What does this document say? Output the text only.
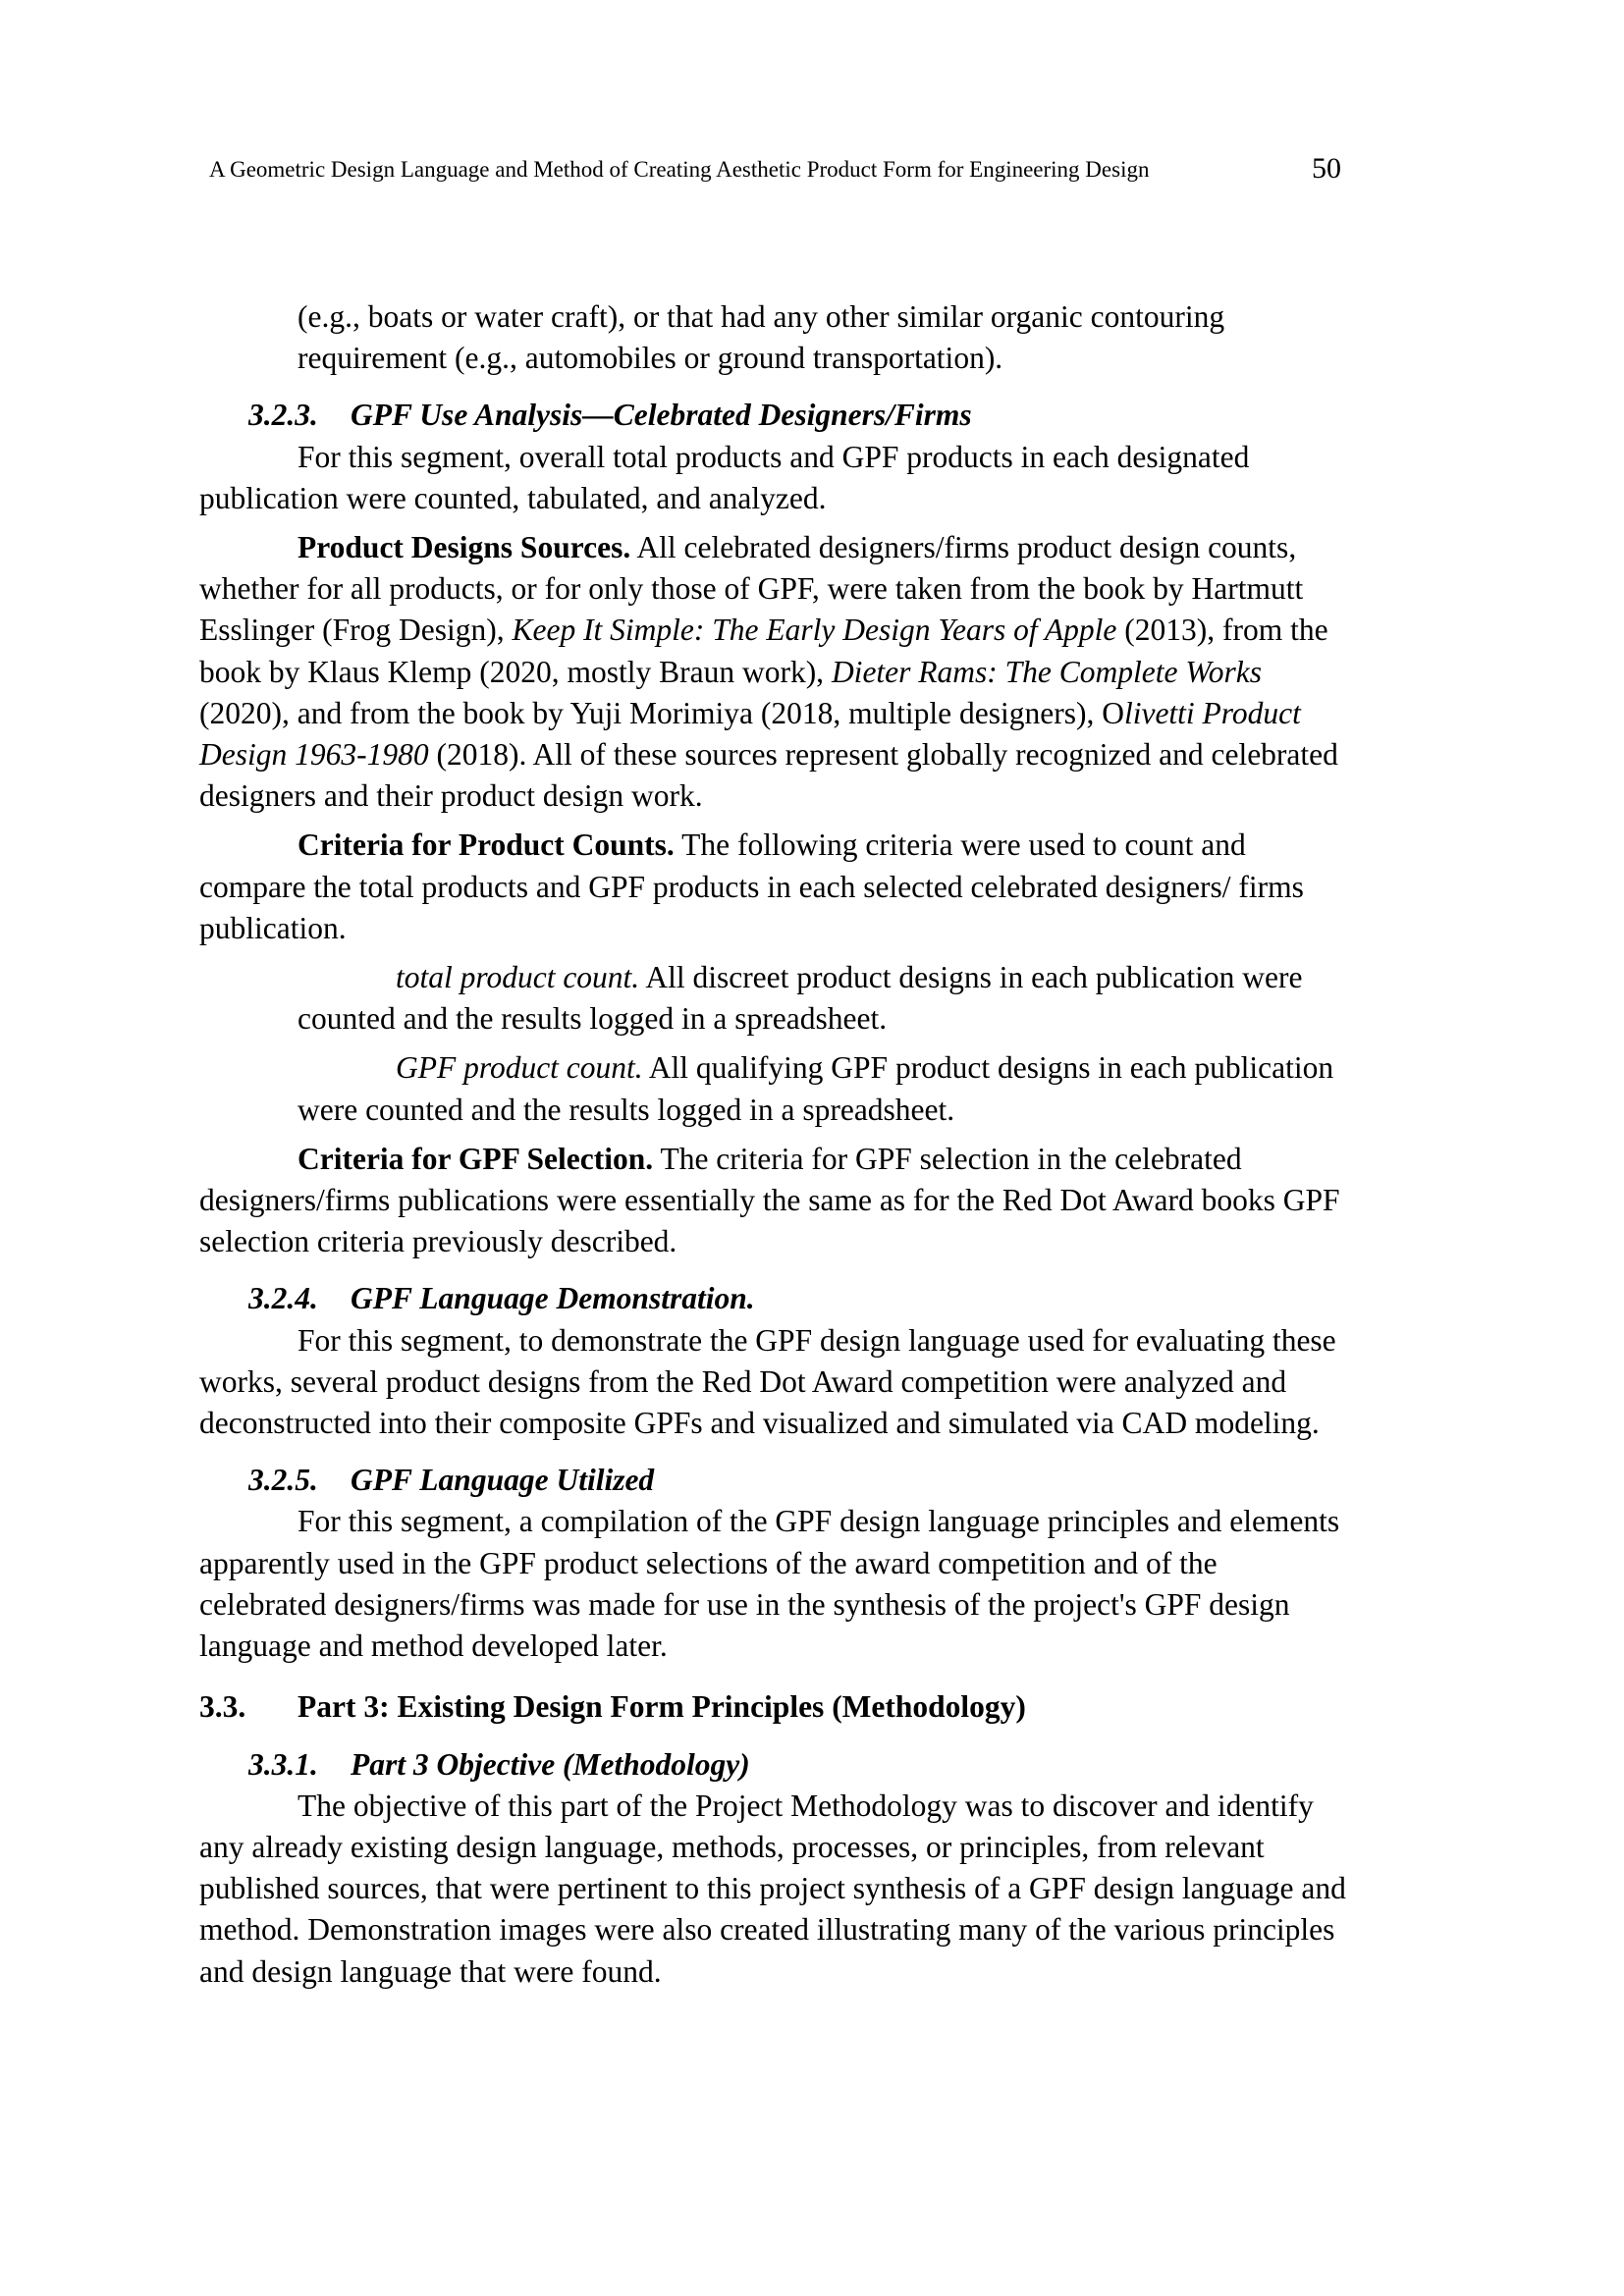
A Geometric Design Language and Method of Creating Aesthetic Product Form for Engineering Design	50

(e.g., boats or water craft), or that had any other similar organic contouring requirement (e.g., automobiles or ground transportation).

3.2.3. GPF Use Analysis—Celebrated Designers/Firms

For this segment, overall total products and GPF products in each designated publication were counted, tabulated, and analyzed.

Product Designs Sources. All celebrated designers/firms product design counts, whether for all products, or for only those of GPF, were taken from the book by Hartmutt Esslinger (Frog Design), Keep It Simple: The Early Design Years of Apple (2013), from the book by Klaus Klemp (2020, mostly Braun work), Dieter Rams: The Complete Works (2020), and from the book by Yuji Morimiya (2018, multiple designers), Olivetti Product Design 1963-1980 (2018). All of these sources represent globally recognized and celebrated designers and their product design work.

Criteria for Product Counts. The following criteria were used to count and compare the total products and GPF products in each selected celebrated designers/ firms publication.

total product count. All discreet product designs in each publication were counted and the results logged in a spreadsheet.

GPF product count. All qualifying GPF product designs in each publication were counted and the results logged in a spreadsheet.

Criteria for GPF Selection. The criteria for GPF selection in the celebrated designers/firms publications were essentially the same as for the Red Dot Award books GPF selection criteria previously described.

3.2.4. GPF Language Demonstration.

For this segment, to demonstrate the GPF design language used for evaluating these works, several product designs from the Red Dot Award competition were analyzed and deconstructed into their composite GPFs and visualized and simulated via CAD modeling.

3.2.5. GPF Language Utilized

For this segment, a compilation of the GPF design language principles and elements apparently used in the GPF product selections of the award competition and of the celebrated designers/firms was made for use in the synthesis of the project's GPF design language and method developed later.

3.3. Part 3: Existing Design Form Principles (Methodology)

3.3.1. Part 3 Objective (Methodology)

The objective of this part of the Project Methodology was to discover and identify any already existing design language, methods, processes, or principles, from relevant published sources, that were pertinent to this project synthesis of a GPF design language and method. Demonstration images were also created illustrating many of the various principles and design language that were found.
